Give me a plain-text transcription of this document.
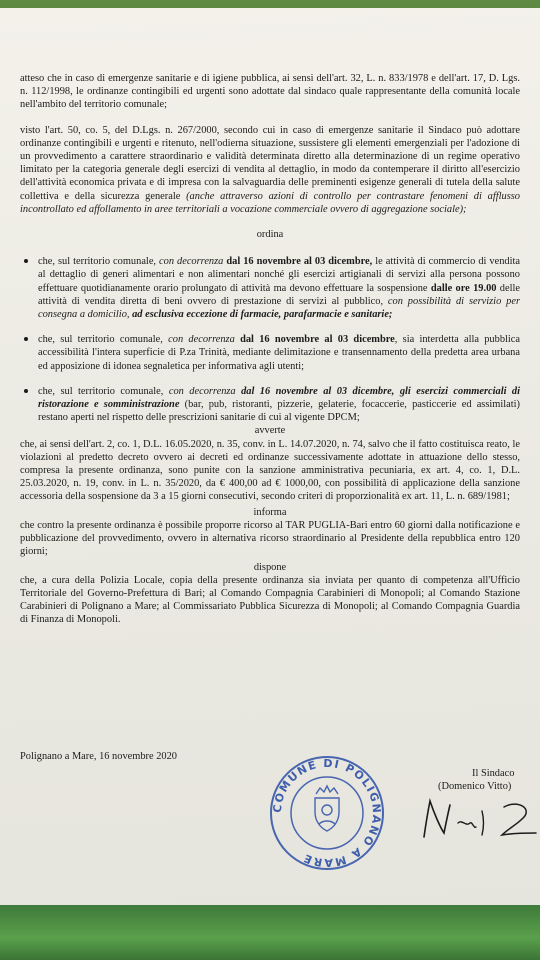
atteso che in caso di emergenze sanitarie e di igiene pubblica, ai sensi dell'art. 32, L. n. 833/1978 e dell'art. 17, D. Lgs. n. 112/1998, le ordinanze contingibili ed urgenti sono adottate dal sindaco quale rappresentante della comunità locale nell'ambito del territorio comunale;

visto l'art. 50, co. 5, del D.Lgs. n. 267/2000, secondo cui in caso di emergenze sanitarie il Sindaco può adottare ordinanze contingibili e urgenti e ritenuto, nell'odierna situazione, sussistere gli elementi emergenziali per l'adozione di un provvedimento a carattere straordinario e validità determinata diretto alla determinazione di un regime operativo limitato per la categoria generale degli esercizi di vendita al dettaglio, in modo da contemperare il diritto all'esercizio dell'attività economica privata e di impresa con la salvaguardia delle preminenti esigenze generali di tutela della salute collettiva e della sicurezza generale (anche attraverso azioni di controllo per contrastare fenomeni di afflusso incontrollato ed affollamento in aree territoriali a vocazione commerciale ovvero di aggregazione sociale);

ordina

che, sul territorio comunale, con decorrenza dal 16 novembre al 03 dicembre, le attività di commercio di vendita al dettaglio di generi alimentari e non alimentari nonché gli esercizi artigianali di servizi alla persona possono effettuare quotidianamente orario prolungato di attività ma devono effettuare la sospensione dalle ore 19.00 delle attività di vendita diretta di beni ovvero di prestazione di servizi al pubblico, con possibilità di servizio per consegna a domicilio, ad esclusiva eccezione di farmacie, parafarmacie e sanitarie;
che, sul territorio comunale, con decorrenza dal 16 novembre al 03 dicembre, sia interdetta alla pubblica accessibilità l'intera superficie di P.za Trinità, mediante delimitazione e transennamento della predetta area urbana ed apposizione di idonea segnaletica per informativa agli utenti;
che, sul territorio comunale, con decorrenza dal 16 novembre al 03 dicembre, gli esercizi commerciali di ristorazione e somministrazione (bar, pub, ristoranti, pizzerie, gelaterie, focaccerie, pasticcerie ed assimilati) restano aperti nel rispetto delle prescrizioni sanitarie di cui al vigente DPCM;

avverte

che, ai sensi dell'art. 2, co. 1, D.L. 16.05.2020, n. 35, conv. in L. 14.07.2020, n. 74, salvo che il fatto costituisca reato, le violazioni al predetto decreto ovvero ai decreti ed ordinanze successivamente adottate in attuazione dello stesso, compresa la presente ordinanza, sono punite con la sanzione amministrativa pecuniaria, ex art. 4, co. 1, D.L. 25.03.2020, n. 19, conv. in L. n. 35/2020, da € 400,00 ad € 1000,00, con possibilità di applicazione della sanzione accessoria della sospensione da 3 a 15 giorni consecutivi, secondo criteri di proporzionalità ex art. 11, L. n. 689/1981;

informa

che contro la presente ordinanza è possibile proporre ricorso al TAR PUGLIA-Bari entro 60 giorni dalla notificazione e pubblicazione del provvedimento, ovvero in alternativa ricorso straordinario al Presidente della repubblica entro 120 giorni;

dispone

che, a cura della Polizia Locale, copia della presente ordinanza sia inviata per quanto di competenza all'Ufficio Territoriale del Governo-Prefettura di Bari; al Comando Compagnia Carabinieri di Monopoli; al Comando Stazione Carabinieri di Polignano a Mare; al Commissariato Pubblica Sicurezza di Monopoli; al Comando Compagnia Guardia di Finanza di Monopoli.

Polignano a Mare, 16 novembre 2020
COMUNE DI POLIGNANO A MARE
Il Sindaco
(Domenico Vitto)
